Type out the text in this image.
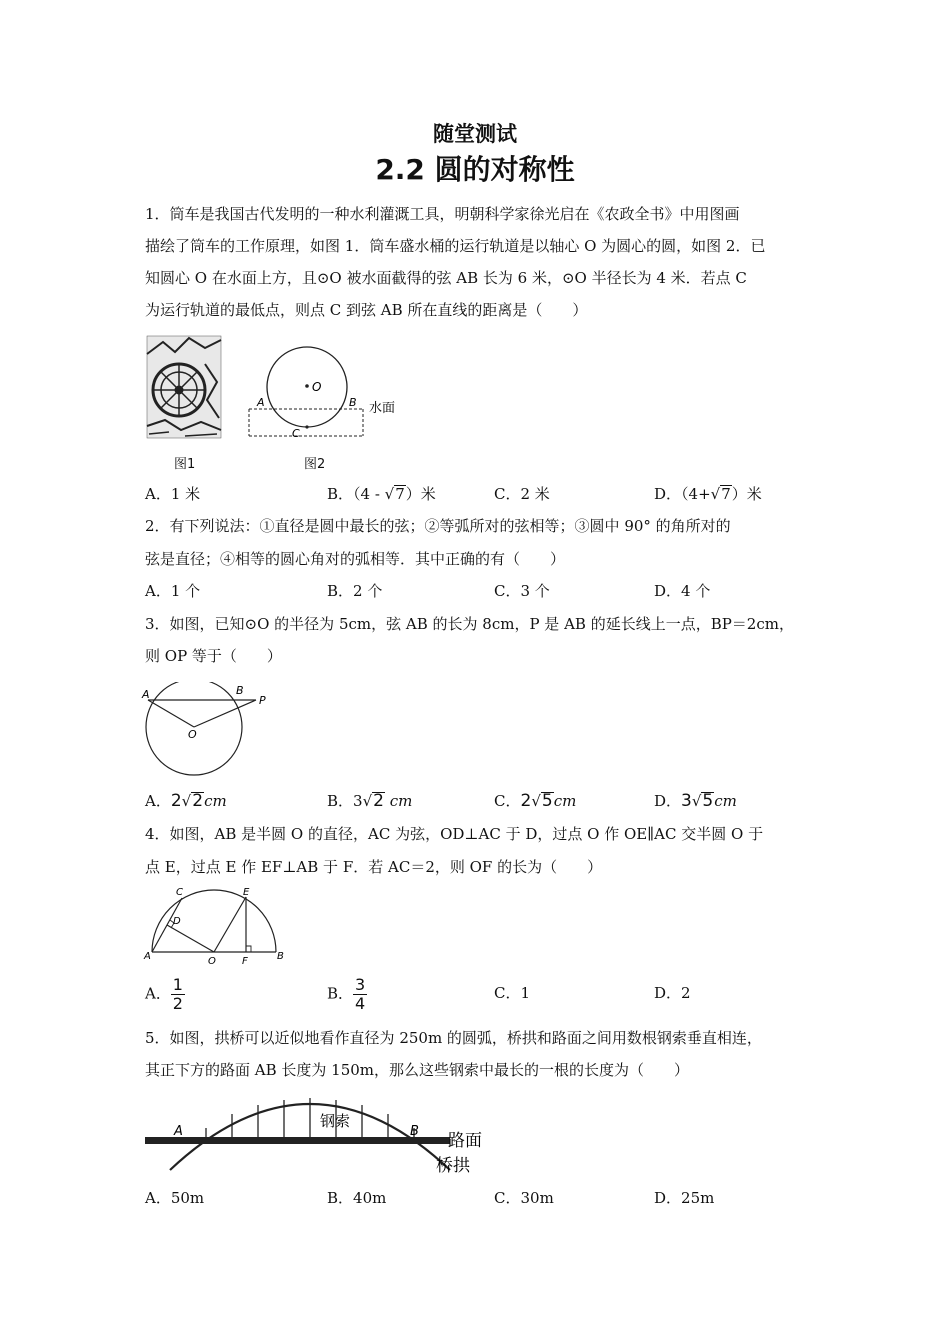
随堂测试
2.2 圆的对称性
1．筒车是我国古代发明的一种水利灌溉工具，明朝科学家徐光启在《农政全书》中用图画
描绘了筒车的工作原理，如图 1．筒车盛水桶的运行轨道是以轴心 O 为圆心的圆，如图 2．已
知圆心 O 在水面上方，且⊙O 被水面截得的弦 AB 长为 6 米，⊙O 半径长为 4 米．若点 C
为运行轨道的最低点，则点 C 到弦 AB 所在直线的距离是（　　）
图1
O
A	B
C
水面
图2
A．1 米	B．（4 - √7）米	C．2 米	D．（4+√7）米
2．有下列说法：①直径是圆中最长的弦；②等弧所对的弦相等；③圆中 90° 的角所对的
弦是直径；④相等的圆心角对的弧相等．其中正确的有（　　）
A．1 个	B．2 个	C．3 个	D．4 个
3．如图，已知⊙O 的半径为 5cm，弦 AB 的长为 8cm，P 是 AB 的延长线上一点，BP＝2cm，
则 OP 等于（　　）
A	B
P
O
A．2√2cm	B．3√2 cm	C．2√5cm	D．3√5cm
4．如图，AB 是半圆 O 的直径，AC 为弦，OD⊥AC 于 D，过点 O 作 OE∥AC 交半圆 O 于
点 E，过点 E 作 EF⊥AB 于 F．若 AC＝2，则 OF 的长为（　　）
A
C
D
E
O	F	B
A． $\frac{1}{2}$	B． $\frac{3}{4}$	C．1	D．2
5．如图，拱桥可以近似地看作直径为 250m 的圆弧，桥拱和路面之间用数根钢索垂直相连，
其正下方的路面 AB 长度为 150m，那么这些钢索中最长的一根的长度为（　　）
A	B
钢索
路面
桥拱
A．50m	B．40m	C．30m	D．25m
